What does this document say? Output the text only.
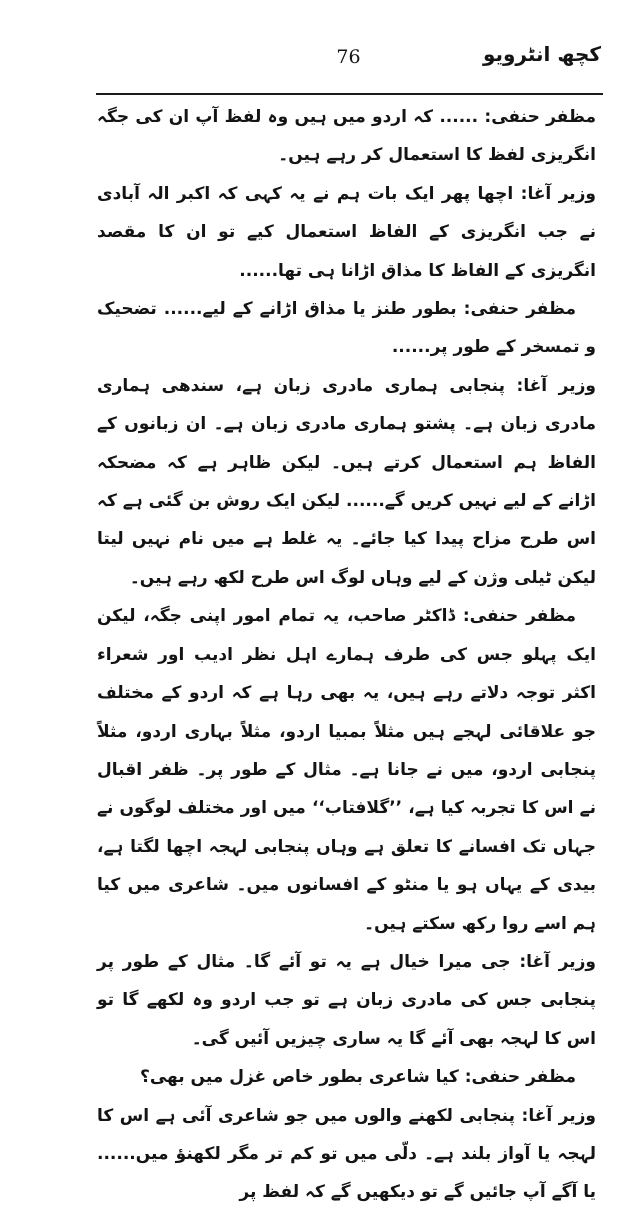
76	کچھ انٹرویو

مظفر حنفی: ...... کہ اردو میں ہیں وہ لفظ آپ ان کی جگہ انگریزی لفظ کا استعمال کر رہے ہیں۔

وزیر آغا: اچھا پھر ایک بات ہم نے یہ کہی کہ اکبر الہ آبادی نے جب انگریزی کے الفاظ استعمال کیے تو ان کا مقصد انگریزی کے الفاظ کا مذاق اڑانا ہی تھا......

مظفر حنفی: بطور طنز یا مذاق اڑانے کے لیے...... تضحیک و تمسخر کے طور پر......

وزیر آغا: پنجابی ہماری مادری زبان ہے، سندھی ہماری مادری زبان ہے۔ پشتو ہماری مادری زبان ہے۔ ان زبانوں کے الفاظ ہم استعمال کرتے ہیں۔ لیکن ظاہر ہے کہ مضحکہ اڑانے کے لیے نہیں کریں گے...... لیکن ایک روش بن گئی ہے کہ اس طرح مزاح پیدا کیا جائے۔ یہ غلط ہے میں نام نہیں لیتا لیکن ٹیلی وژن کے لیے وہاں لوگ اس طرح لکھ رہے ہیں۔

مظفر حنفی: ڈاکٹر صاحب، یہ تمام امور اپنی جگہ، لیکن ایک پہلو جس کی طرف ہمارے اہل نظر ادیب اور شعراء اکثر توجہ دلاتے رہے ہیں، یہ بھی رہا ہے کہ اردو کے مختلف جو علاقائی لہجے ہیں مثلاً بمبیا اردو، مثلاً بہاری اردو، مثلاً پنجابی اردو، میں نے جانا ہے۔ مثال کے طور پر۔ ظفر اقبال نے اس کا تجربہ کیا ہے، ’’گلافتاب‘‘ میں اور مختلف لوگوں نے جہاں تک افسانے کا تعلق ہے وہاں پنجابی لہجہ اچھا لگتا ہے، بیدی کے یہاں ہو یا منٹو کے افسانوں میں۔ شاعری میں کیا ہم اسے روا رکھ سکتے ہیں۔

وزیر آغا: جی میرا خیال ہے یہ تو آئے گا۔ مثال کے طور پر پنجابی جس کی مادری زبان ہے تو جب اردو وہ لکھے گا تو اس کا لہجہ بھی آئے گا یہ ساری چیزیں آئیں گی۔

مظفر حنفی: کیا شاعری بطور خاص غزل میں بھی؟

وزیر آغا: پنجابی لکھنے والوں میں جو شاعری آئی ہے اس کا لہجہ یا آواز بلند ہے۔ دلّی میں تو کم تر مگر لکھنؤ میں...... یا آگے آپ جائیں گے تو دیکھیں گے کہ لفظ پر
